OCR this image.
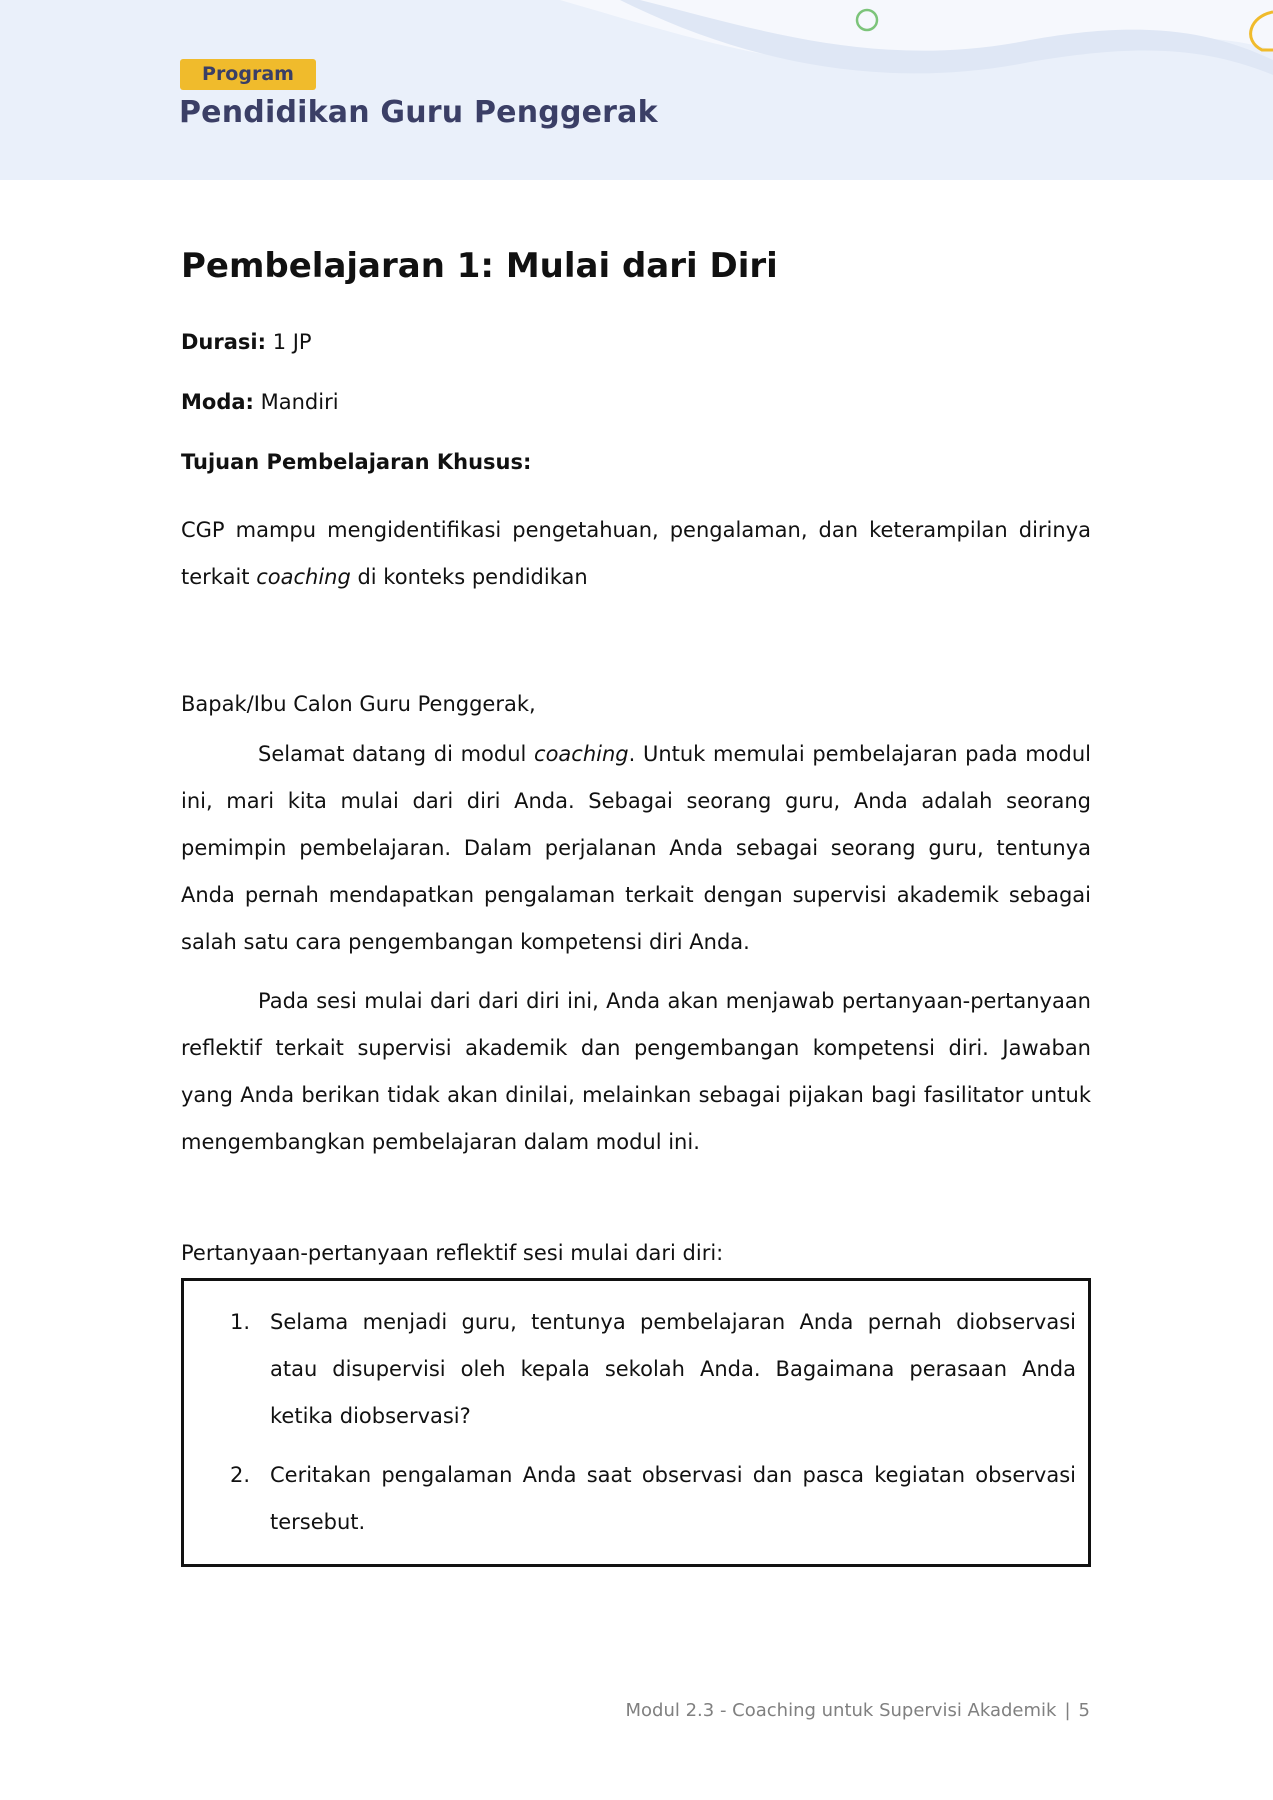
Program
Pendidikan Guru Penggerak
Pembelajaran 1: Mulai dari Diri

Durasi: 1 JP

Moda: Mandiri

Tujuan Pembelajaran Khusus:

CGP mampu mengidentifikasi pengetahuan, pengalaman, dan keterampilan dirinya terkait coaching di konteks pendidikan

Bapak/Ibu Calon Guru Penggerak,

Selamat datang di modul coaching. Untuk memulai pembelajaran pada modul ini, mari kita mulai dari diri Anda. Sebagai seorang guru, Anda adalah seorang pemimpin pembelajaran. Dalam perjalanan Anda sebagai seorang guru, tentunya Anda pernah mendapatkan pengalaman terkait dengan supervisi akademik sebagai salah satu cara pengembangan kompetensi diri Anda.

Pada sesi mulai dari dari diri ini, Anda akan menjawab pertanyaan-pertanyaan reflektif terkait supervisi akademik dan pengembangan kompetensi diri. Jawaban yang Anda berikan tidak akan dinilai, melainkan sebagai pijakan bagi fasilitator untuk mengembangkan pembelajaran dalam modul ini.

Pertanyaan-pertanyaan reflektif sesi mulai dari diri:

1. Selama menjadi guru, tentunya pembelajaran Anda pernah diobservasi atau disupervisi oleh kepala sekolah Anda. Bagaimana perasaan Anda ketika diobservasi?
2. Ceritakan pengalaman Anda saat observasi dan pasca kegiatan observasi tersebut.
Modul 2.3 - Coaching untuk Supervisi Akademik | 5
